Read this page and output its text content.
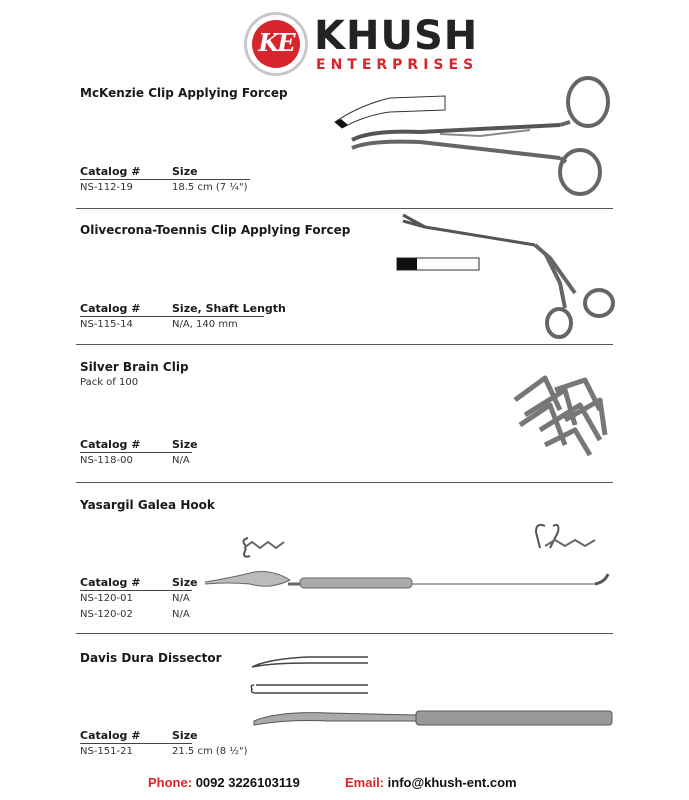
KE KHUSH
ENTERPRISES
McKenzie Clip Applying Forcep
Catalog #	Size
NS-112-19	18.5 cm (7 ¼")
Olivecrona-Toennis Clip Applying Forcep
Catalog #	Size, Shaft Length
NS-115-14	N/A, 140 mm
Silver Brain Clip
Pack of 100
Catalog #	Size
NS-118-00	N/A
Yasargil Galea Hook
Catalog #	Size
NS-120-01	N/A
NS-120-02	N/A
Davis Dura Dissector
Catalog #	Size
NS-151-21	21.5 cm (8 ½")
Phone: 0092 3226103119	Email: info@khush-ent.com
